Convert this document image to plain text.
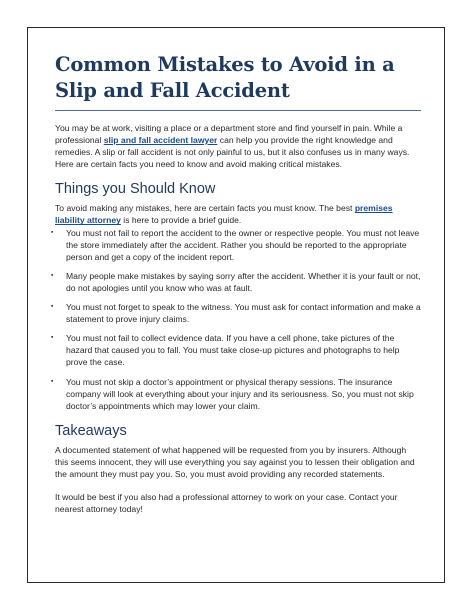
Common Mistakes to Avoid in a Slip and Fall Accident

You may be at work, visiting a place or a department store and find yourself in pain. While a professional slip and fall accident lawyer can help you provide the right knowledge and remedies. A slip or fall accident is not only painful to us, but it also confuses us in many ways. Here are certain facts you need to know and avoid making critical mistakes.

Things you Should Know

To avoid making any mistakes, here are certain facts you must know. The best premises liability attorney is here to provide a brief guide.

▪ You must not fail to report the accident to the owner or respective people. You must not leave the store immediately after the accident. Rather you should be reported to the appropriate person and get a copy of the incident report.
▪ Many people make mistakes by saying sorry after the accident. Whether it is your fault or not, do not apologies until you know who was at fault.
▪ You must not forget to speak to the witness. You must ask for contact information and make a statement to prove injury claims.
▪ You must not fail to collect evidence data. If you have a cell phone, take pictures of the hazard that caused you to fall. You must take close-up pictures and photographs to help prove the case.
▪ You must not skip a doctor’s appointment or physical therapy sessions. The insurance company will look at everything about your injury and its seriousness. So, you must not skip doctor’s appointments which may lower your claim.
Takeaways

A documented statement of what happened will be requested from you by insurers. Although this seems innocent, they will use everything you say against you to lessen their obligation and the amount they must pay you. So, you must avoid providing any recorded statements.

It would be best if you also had a professional attorney to work on your case. Contact your nearest attorney today!
